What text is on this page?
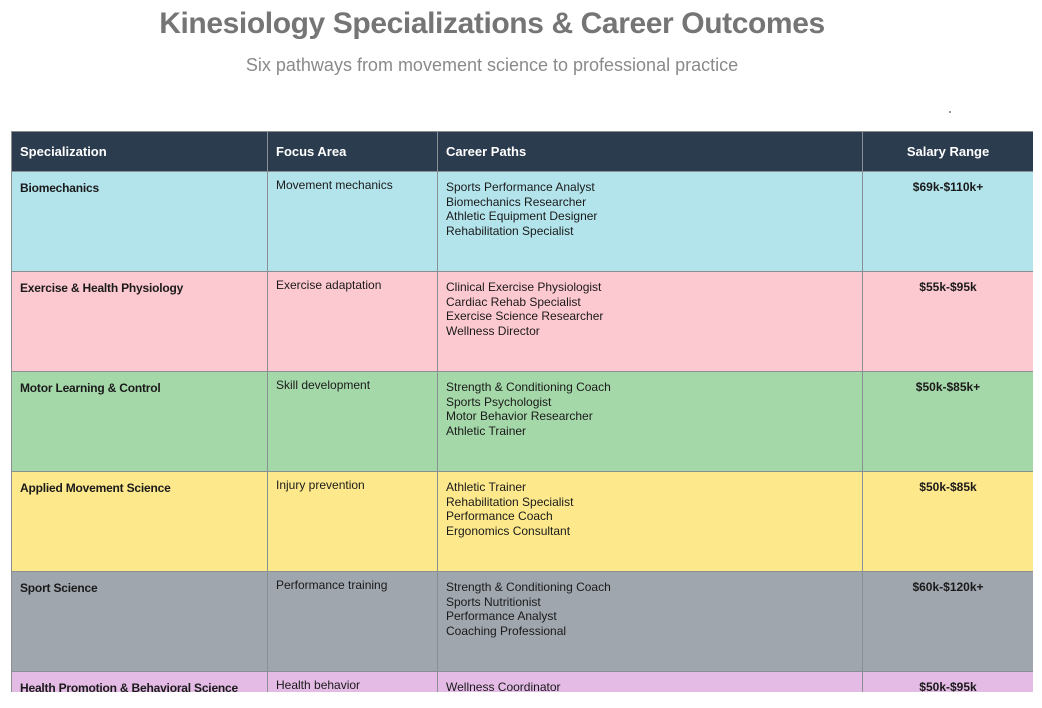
Kinesiology Specializations & Career Outcomes
Six pathways from movement science to professional practice
Specialization	Focus Area	Career Paths	Salary Range
Biomechanics	Movement mechanics	Sports Performance Analyst
Biomechanics Researcher
Athletic Equipment Designer
Rehabilitation Specialist	$69k-$110k+
Exercise & Health Physiology	Exercise adaptation	Clinical Exercise Physiologist
Cardiac Rehab Specialist
Exercise Science Researcher
Wellness Director	$55k-$95k
Motor Learning & Control	Skill development	Strength & Conditioning Coach
Sports Psychologist
Motor Behavior Researcher
Athletic Trainer	$50k-$85k+
Applied Movement Science	Injury prevention	Athletic Trainer
Rehabilitation Specialist
Performance Coach
Ergonomics Consultant	$50k-$85k
Sport Science	Performance training	Strength & Conditioning Coach
Sports Nutritionist
Performance Analyst
Coaching Professional	$60k-$120k+
Health Promotion & Behavioral Science	Health behavior	Wellness Coordinator	$50k-$95k
